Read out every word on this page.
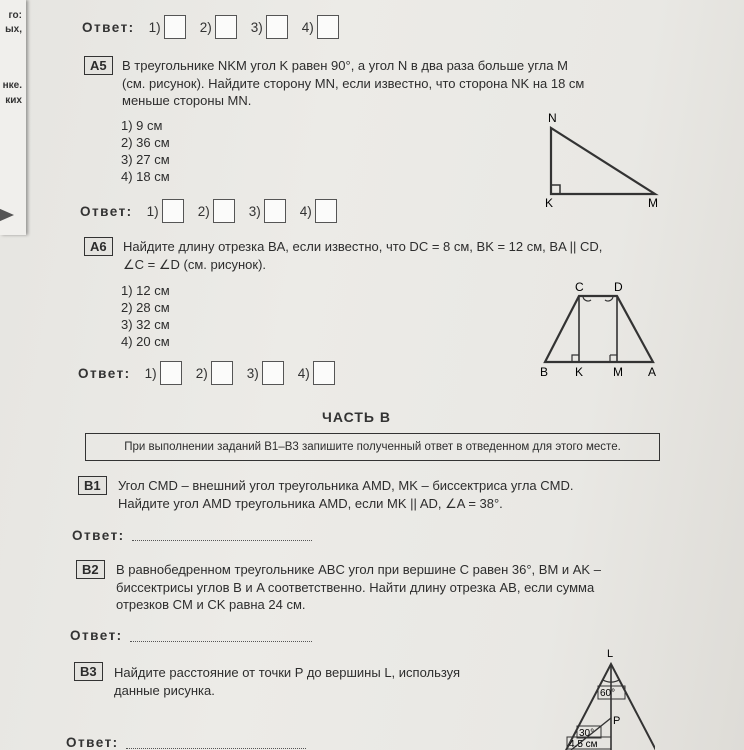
го:
ых,
нке.
ких
Ответ: 1)	2)	3)	4)
А5	В треугольнике NKM угол K равен 90°, а угол N в два раза больше угла M
(см. рисунок). Найдите сторону MN, если известно, что сторона NK на 18 см
меньше стороны MN.
1) 9 см
2) 36 см
3) 27 см
4) 18 см
N
K	M
Ответ: 1)	2)	3)	4)
А6	Найдите длину отрезка BA, если известно, что DC = 8 см, BK = 12 см, BA || CD,
∠C = ∠D (см. рисунок).
1) 12 см
2) 28 см
3) 32 см
4) 20 см
C	D
B K M A
Ответ: 1)	2)	3)	4)
ЧАСТЬ В
При выполнении заданий В1–В3 запишите полученный ответ в отведенном для этого месте.
В1	Угол CMD – внешний угол треугольника AMD, MK – биссектриса угла CMD.
Найдите угол AMD треугольника AMD, если MK || AD, ∠A = 38°.
Ответ:
В2	В равнобедренном треугольнике ABC угол при вершине C равен 36°, BM и AK –
биссектрисы углов B и A соответственно. Найти длину отрезка AB, если сумма
отрезков CM и CK равна 24 см.
Ответ:
В3	Найдите расстояние от точки P до вершины L, используя
данные рисунка.
L
P
60°
30°
4.5 см
Ответ:
